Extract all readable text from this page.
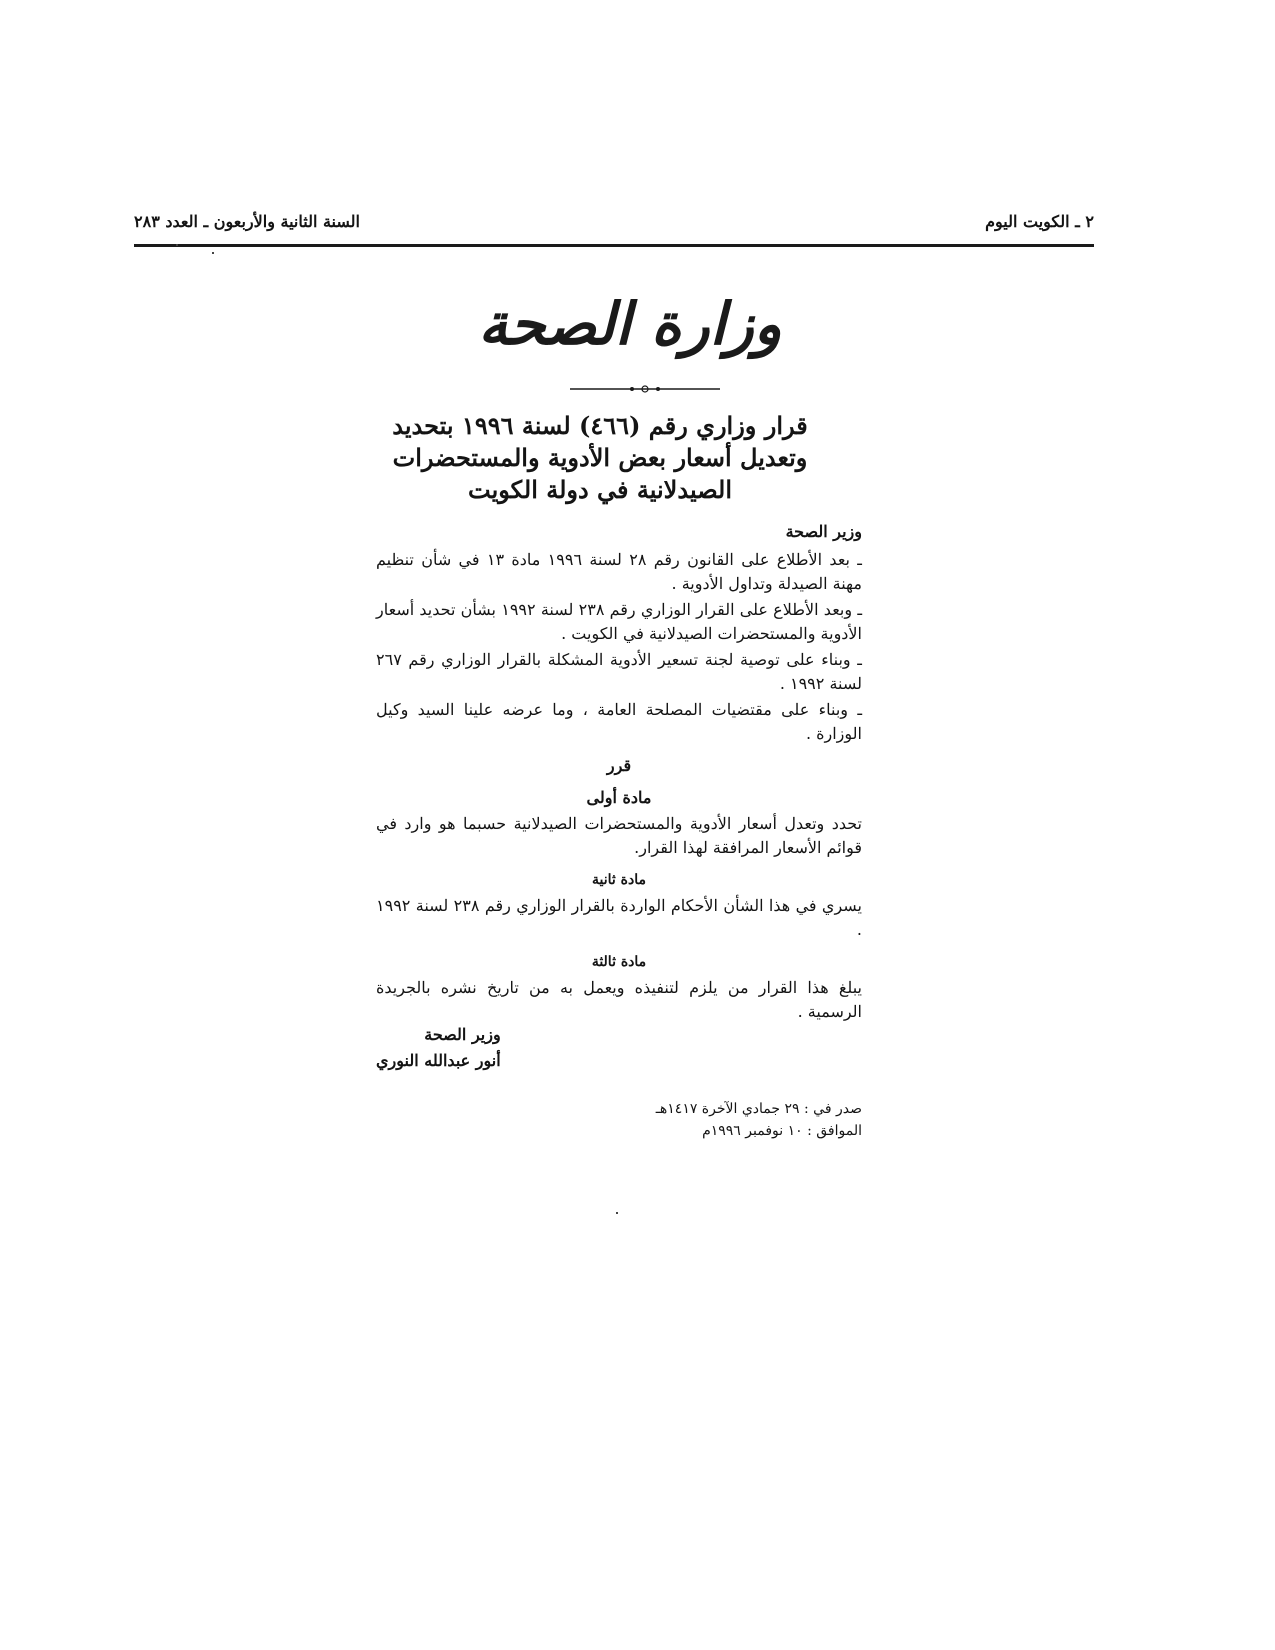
٢ ـ الكويت اليوم
السنة الثانية والأربعون ـ العدد ٢٨٣
وزارة الصحة
قرار وزاري رقم (٤٦٦) لسنة ١٩٩٦ بتحديد
وتعديل أسعار بعض الأدوية والمستحضرات
الصيدلانية في دولة الكويت
وزير الصحة

ـ بعد الأطلاع على القانون رقم ٢٨ لسنة ١٩٩٦ مادة ١٣ في شأن تنظيم مهنة الصيدلة وتداول الأدوية .

ـ وبعد الأطلاع على القرار الوزاري رقم ٢٣٨ لسنة ١٩٩٢ بشأن تحديد أسعار الأدوية والمستحضرات الصيدلانية في الكويت .

ـ وبناء على توصية لجنة تسعير الأدوية المشكلة بالقرار الوزاري رقم ٢٦٧ لسنة ١٩٩٢ .

ـ وبناء على مقتضيات المصلحة العامة ، وما عرضه علينا السيد وكيل الوزارة .

قرر
مادة أولى

تحدد وتعدل أسعار الأدوية والمستحضرات الصيدلانية حسبما هو وارد في قوائم الأسعار المرافقة لهذا القرار.

مادة ثانية

يسري في هذا الشأن الأحكام الواردة بالقرار الوزاري رقم ٢٣٨ لسنة ١٩٩٢ .

مادة ثالثة

يبلغ هذا القرار من يلزم لتنفيذه ويعمل به من تاريخ نشره بالجريدة الرسمية .

وزير الصحة
أنور عبدالله النوري
صدر في : ٢٩ جمادي الآخرة ١٤١٧هـ
الموافق : ١٠ نوفمبر ١٩٩٦م
